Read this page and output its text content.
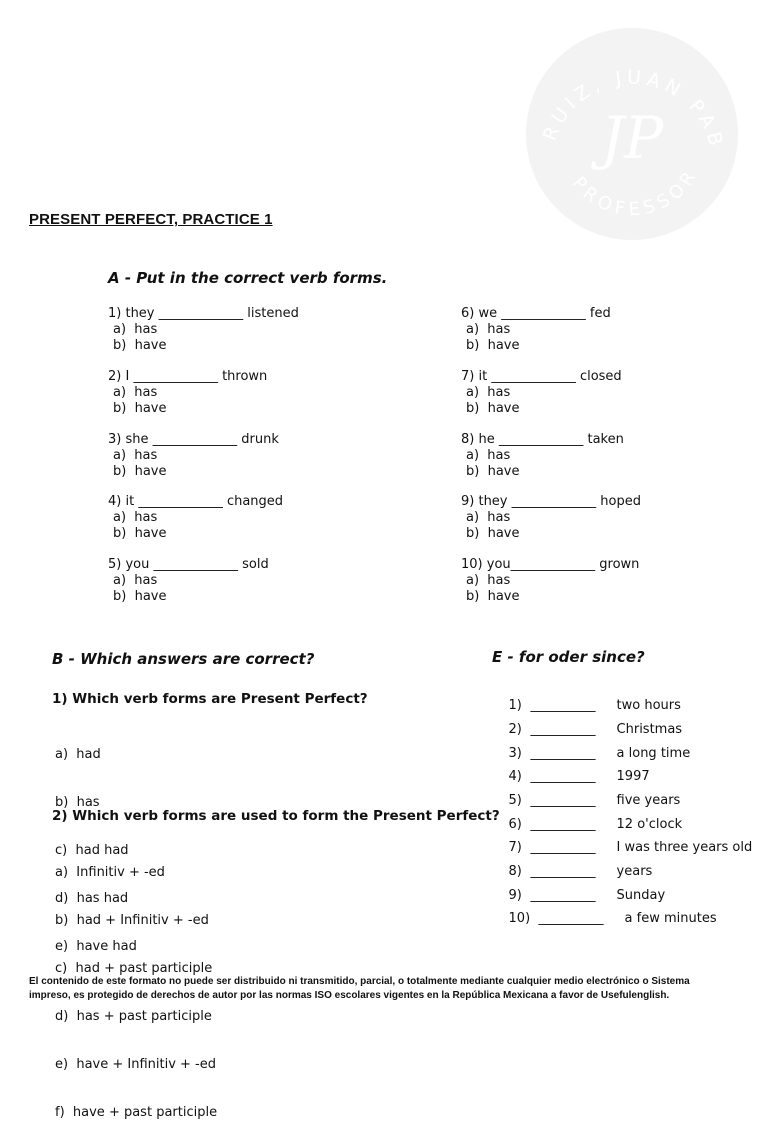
RUIZ, JUAN PAB
JP
PROFESSOR
PRESENT PERFECT, PRACTICE 1
A - Put in the correct verb forms.
1) they _____________ listened
a)  has
b)  have
2) I _____________ thrown
a)  has
b)  have
3) she _____________ drunk
a)  has
b)  have
4) it _____________ changed
a)  has
b)  have
5) you _____________ sold
a)  has
b)  have
6) we _____________ fed
a)  has
b)  have
7) it _____________ closed
a)  has
b)  have
8) he _____________ taken
a)  has
b)  have
9) they _____________ hoped
a)  has
b)  have
10) you_____________ grown
a)  has
b)  have
B - Which answers are correct?
1) Which verb forms are Present Perfect?

a)  had

b)  has

c)  had had

d)  has had

e)  have had

2) Which verb forms are used to form the Present Perfect?

a)  Infinitiv + -ed

b)  had + Infinitiv + -ed

c)  had + past participle

d)  has + past participle

e)  have + Infinitiv + -ed

f)  have + past participle

E - for oder since?

1) __________ two hours

2) __________ Christmas

3) __________ a long time

4) __________ 1997

5) __________ five years

6) __________ 12 o'clock

7) __________ I was three years old

8) __________ years

9) __________ Sunday

10) __________ a few minutes

El contenido de este formato no puede ser distribuido ni transmitido, parcial, o totalmente mediante cualquier medio electrónico o Sistema
impreso, es protegido de derechos de autor por las normas ISO escolares vigentes en la República Mexicana a favor de Usefulenglish.
